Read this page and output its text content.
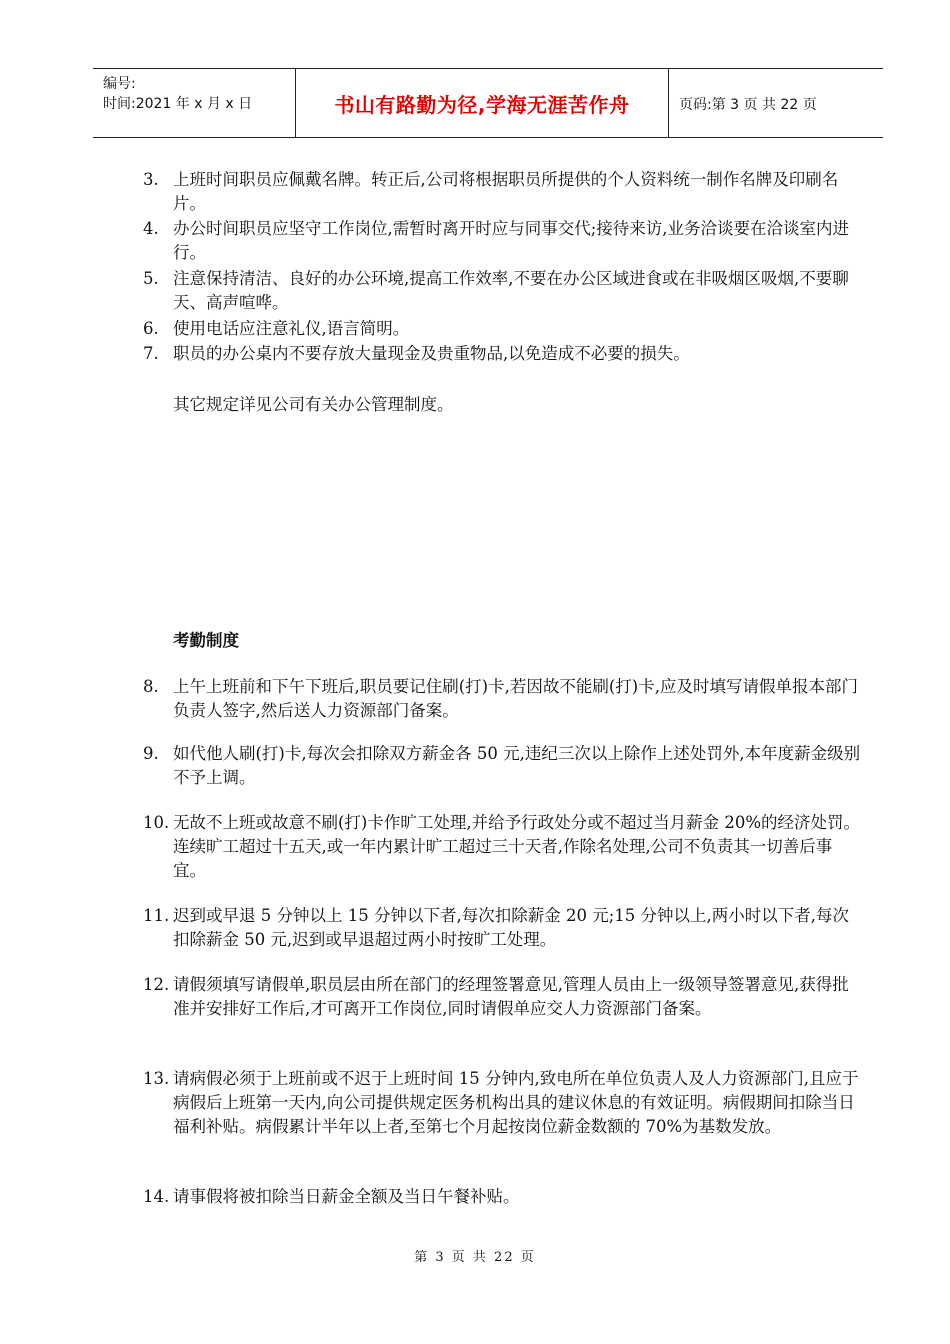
编号:
时间:2021 年 x 月 x 日	书山有路勤为径,学海无涯苦作舟	页码:第 3 页 共 22 页
3. 上班时间职员应佩戴名牌。转正后,公司将根据职员所提供的个人资料统一制作名牌及印刷名片。
4. 办公时间职员应坚守工作岗位,需暂时离开时应与同事交代;接待来访,业务洽谈要在洽谈室内进行。
5. 注意保持清洁、良好的办公环境,提高工作效率,不要在办公区域进食或在非吸烟区吸烟,不要聊天、高声喧哗。
6. 使用电话应注意礼仪,语言简明。
7. 职员的办公桌内不要存放大量现金及贵重物品,以免造成不必要的损失。
其它规定详见公司有关办公管理制度。
考勤制度
8. 上午上班前和下午下班后,职员要记住刷(打)卡,若因故不能刷(打)卡,应及时填写请假单报本部门负责人签字,然后送人力资源部门备案。
9. 如代他人刷(打)卡,每次会扣除双方薪金各 50 元,违纪三次以上除作上述处罚外,本年度薪金级别不予上调。
10. 无故不上班或故意不刷(打)卡作旷工处理,并给予行政处分或不超过当月薪金 20%的经济处罚。连续旷工超过十五天,或一年内累计旷工超过三十天者,作除名处理,公司不负责其一切善后事宜。
11. 迟到或早退 5 分钟以上 15 分钟以下者,每次扣除薪金 20 元;15 分钟以上,两小时以下者,每次扣除薪金 50 元,迟到或早退超过两小时按旷工处理。
12. 请假须填写请假单,职员层由所在部门的经理签署意见,管理人员由上一级领导签署意见,获得批准并安排好工作后,才可离开工作岗位,同时请假单应交人力资源部门备案。
13. 请病假必须于上班前或不迟于上班时间 15 分钟内,致电所在单位负责人及人力资源部门,且应于病假后上班第一天内,向公司提供规定医务机构出具的建议休息的有效证明。病假期间扣除当日福利补贴。病假累计半年以上者,至第七个月起按岗位薪金数额的 70%为基数发放。
14. 请事假将被扣除当日薪金全额及当日午餐补贴。
第 3 页 共 22 页
